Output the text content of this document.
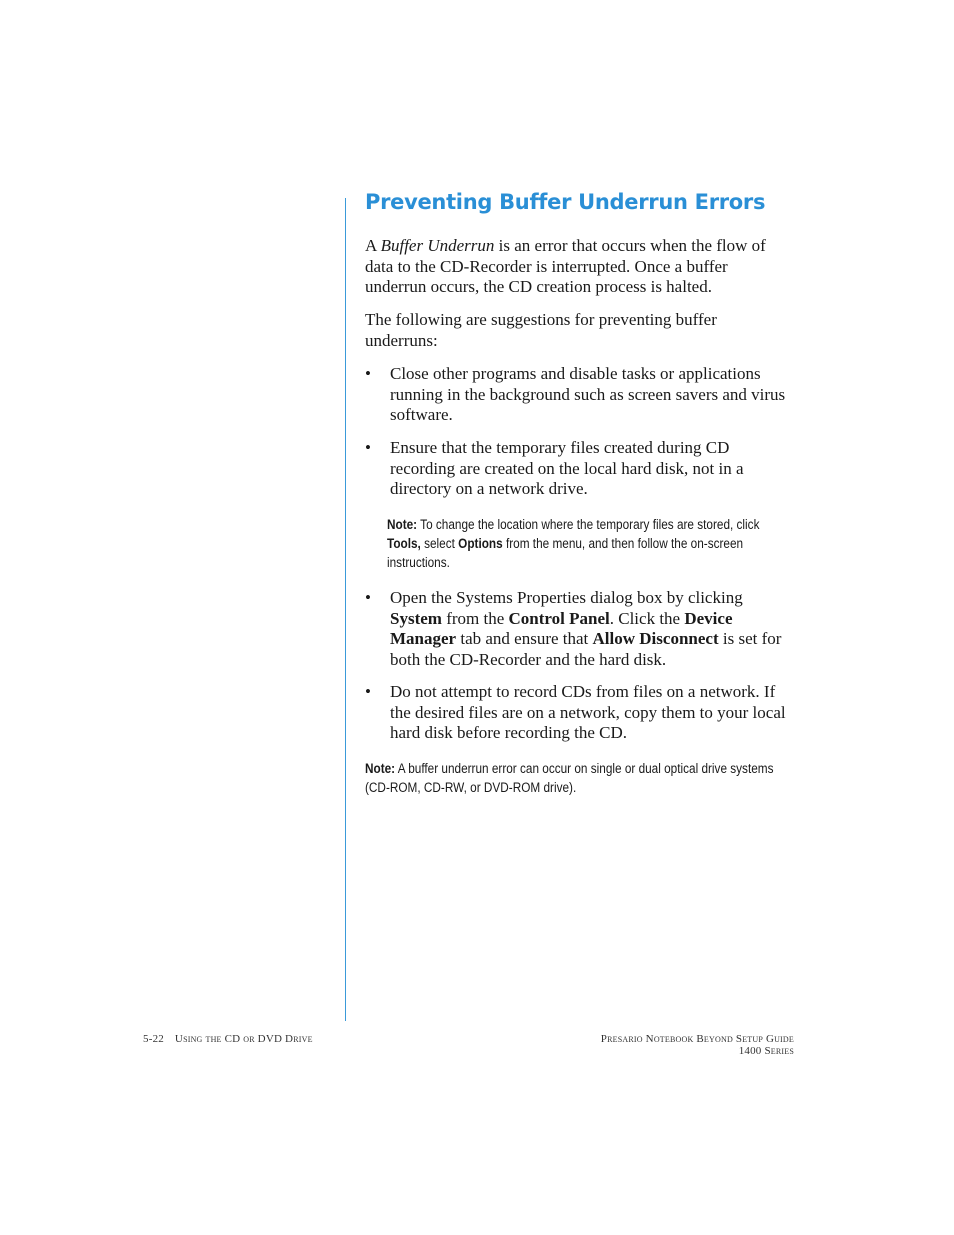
Preventing Buffer Underrun Errors

A Buffer Underrun is an error that occurs when the flow of data to the CD-Recorder is interrupted. Once a buffer underrun occurs, the CD creation process is halted.

The following are suggestions for preventing buffer underruns:

• Close other programs and disable tasks or applications running in the background such as screen savers and virus software.
• Ensure that the temporary files created during CD recording are created on the local hard disk, not in a directory on a network drive.
Note: To change the location where the temporary files are stored, click Tools, select Options from the menu, and then follow the on-screen instructions.
• Open the Systems Properties dialog box by clicking System from the Control Panel. Click the Device Manager tab and ensure that Allow Disconnect is set for both the CD-Recorder and the hard disk.
• Do not attempt to record CDs from files on a network. If the desired files are on a network, copy them to your local hard disk before recording the CD.
Note: A buffer underrun error can occur on single or dual optical drive systems (CD-ROM, CD-RW, or DVD-ROM drive).
5-22 Using the CD or DVD Drive	Presario Notebook Beyond Setup Guide
1400 Series
